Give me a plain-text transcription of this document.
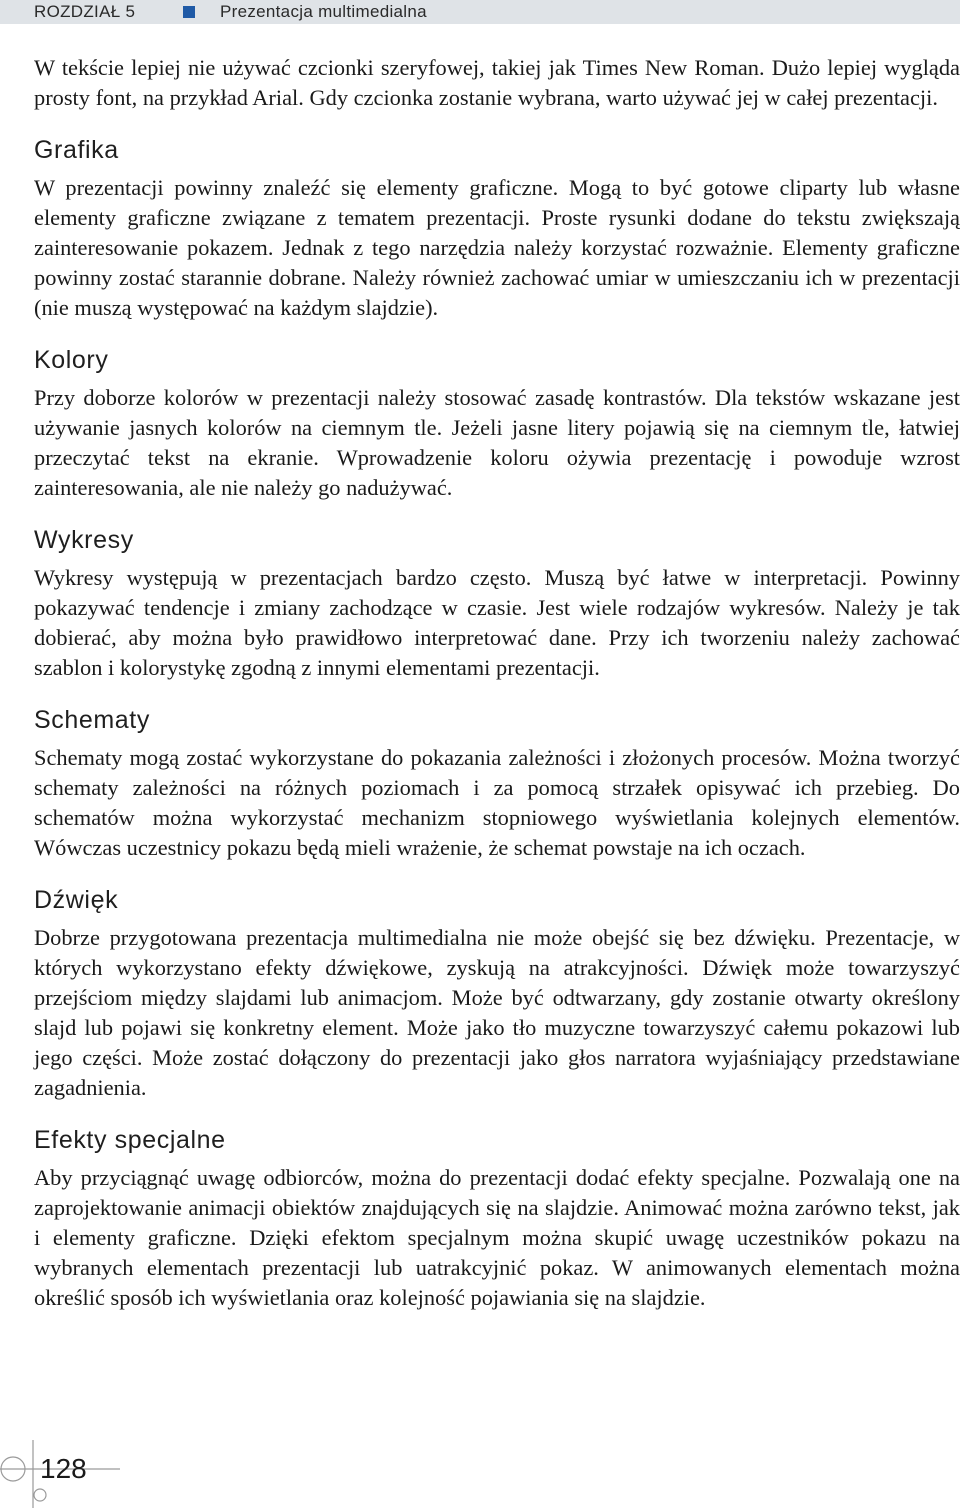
ROZDZIAŁ 5	Prezentacja multimedialna

W tekście lepiej nie używać czcionki szeryfowej, takiej jak Times New Roman. Dużo lepiej wygląda prosty font, na przykład Arial. Gdy czcionka zostanie wybrana, warto używać jej w całej prezentacji.

Grafika

W prezentacji powinny znaleźć się elementy graficzne. Mogą to być gotowe cliparty lub własne elementy graficzne związane z tematem prezentacji. Proste rysunki dodane do tekstu zwiększają zainteresowanie pokazem. Jednak z tego narzędzia należy korzystać rozważnie. Elementy graficzne powinny zostać starannie dobrane. Należy również zachować umiar w umieszczaniu ich w prezentacji (nie muszą występować na każdym slajdzie).

Kolory

Przy doborze kolorów w prezentacji należy stosować zasadę kontrastów. Dla tekstów wskazane jest używanie jasnych kolorów na ciemnym tle. Jeżeli jasne litery pojawią się na ciemnym tle, łatwiej przeczytać tekst na ekranie. Wprowadzenie koloru ożywia prezentację i powoduje wzrost zainteresowania, ale nie należy go nadużywać.

Wykresy

Wykresy występują w prezentacjach bardzo często. Muszą być łatwe w interpretacji. Powinny pokazywać tendencje i zmiany zachodzące w czasie. Jest wiele rodzajów wykresów. Należy je tak dobierać, aby można było prawidłowo interpretować dane. Przy ich tworzeniu należy zachować szablon i kolorystykę zgodną z innymi elementami prezentacji.

Schematy

Schematy mogą zostać wykorzystane do pokazania zależności i złożonych procesów. Można tworzyć schematy zależności na różnych poziomach i za pomocą strzałek opisywać ich przebieg. Do schematów można wykorzystać mechanizm stopniowego wyświetlania kolejnych elementów. Wówczas uczestnicy pokazu będą mieli wrażenie, że schemat powstaje na ich oczach.

Dźwięk

Dobrze przygotowana prezentacja multimedialna nie może obejść się bez dźwięku. Prezentacje, w których wykorzystano efekty dźwiękowe, zyskują na atrakcyjności. Dźwięk może towarzyszyć przejściom między slajdami lub animacjom. Może być odtwarzany, gdy zostanie otwarty określony slajd lub pojawi się konkretny element. Może jako tło muzyczne towarzyszyć całemu pokazowi lub jego części. Może zostać dołączony do prezentacji jako głos narratora wyjaśniający przedstawiane zagadnienia.

Efekty specjalne

Aby przyciągnąć uwagę odbiorców, można do prezentacji dodać efekty specjalne. Pozwalają one na zaprojektowanie animacji obiektów znajdujących się na slajdzie. Animować można zarówno tekst, jak i elementy graficzne. Dzięki efektom specjalnym można skupić uwagę uczestników pokazu na wybranych elementach prezentacji lub uatrakcyjnić pokaz. W animowanych elementach można określić sposób ich wyświetlania oraz kolejność pojawiania się na slajdzie.

128
